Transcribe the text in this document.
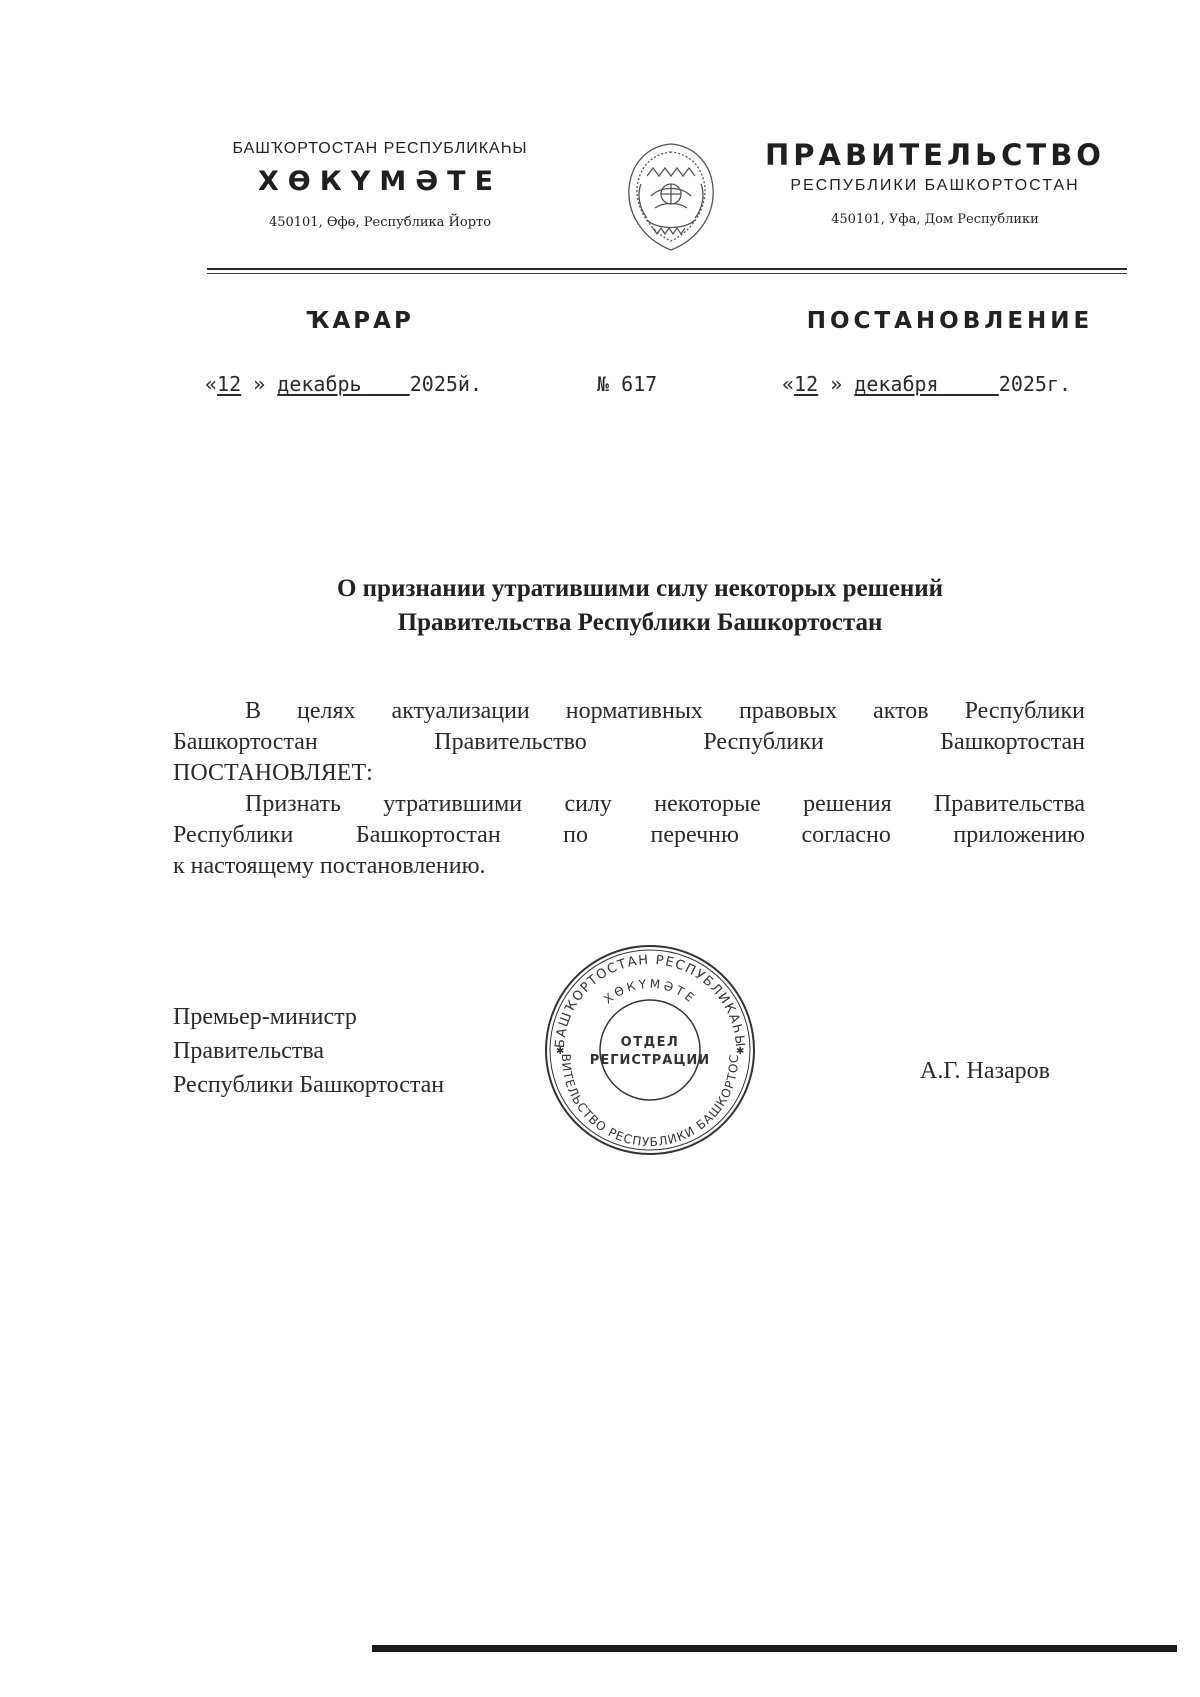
БАШҠОРТОСТАН РЕСПУБЛИКАҺЫ
ХӨКҮМӘТЕ
450101, Өфө, Республика Йорто
ПРАВИТЕЛЬСТВО
РЕСПУБЛИКИ БАШКОРТОСТАН
450101, Уфа, Дом Республики
ҠАРАР	ПОСТАНОВЛЕНИЕ
«12 » декабрь 2025й.	№ 617	«12 » декабря	2025г.
О признании утратившими силу некоторых решений
Правительства Республики Башкортостан

В целях актуализации нормативных правовых актов Республики

Башкортостан Правительство Республики Башкортостан

ПОСТАНОВЛЯЕТ:

Признать утратившими силу некоторые решения Правительства

Республики Башкортостан по перечню согласно приложению

к настоящему постановлению.

Премьер-министр
Правительства
Республики Башкортостан
А.Г. Назаров
БАШҠОРТОСТАН РЕСПУБЛИКАҺЫ
ХӨКҮМӘТЕ
ВИТЕЛЬСТВО РЕСПУБЛИКИ БАШКОРТОС
ОТДЕЛ
РЕГИСТРАЦИИ
✱	✱
